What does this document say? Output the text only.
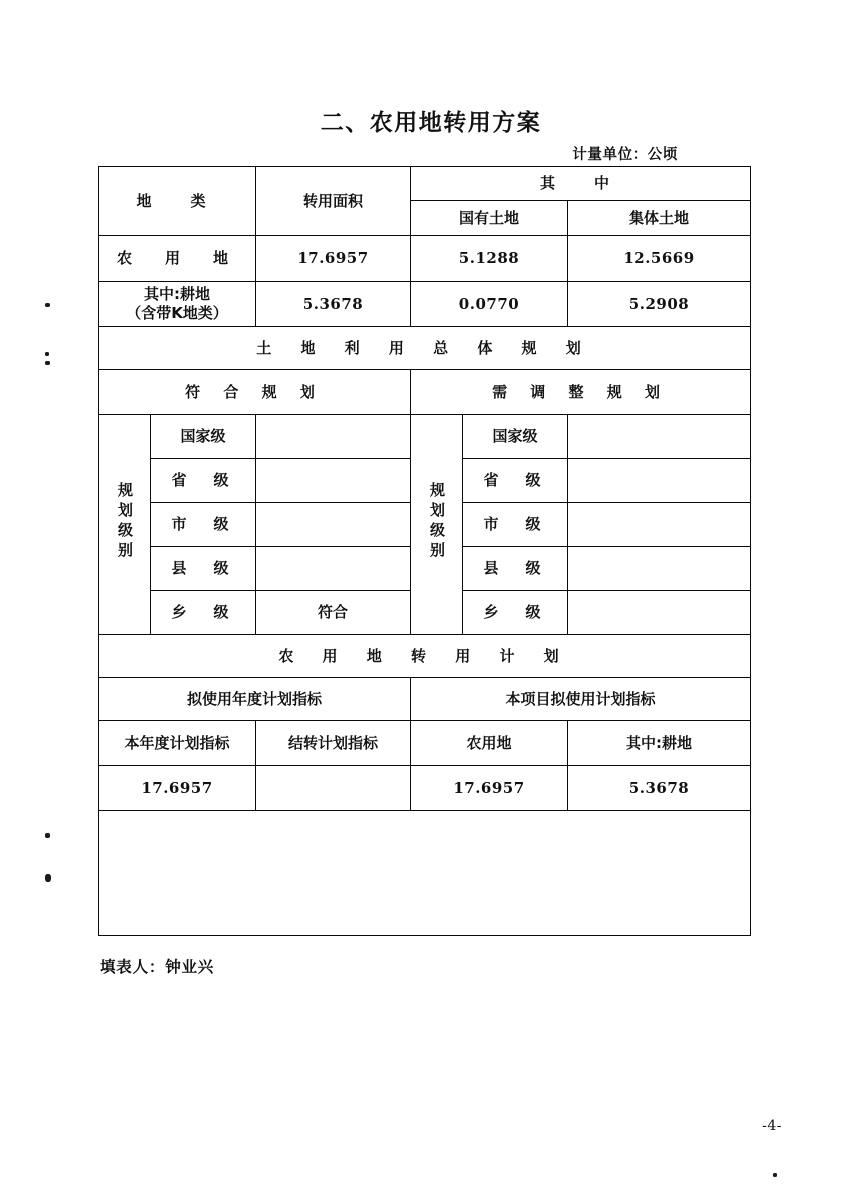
二、农用地转用方案
计量单位：公顷
地　类		转用面积	其　中		
			国有土地		集体土地
农　用　地		17.6957	5.1288		12.5669

其中:耕地
（含带K地类）		5.3678	0.0770		5.2908
土 地 利 用 总 体 规 划					
符 合 规 划			需 调 整 规 划		
规划级别	国家级		规划级别	国家级	
	省　级			省　级	
	市　级			市　级	
	县　级			县　级	
	乡　级	符合		乡　级	
农 用 地 转 用 计 划					
拟使用年度计划指标			本项目拟使用计划指标		
本年度计划指标		结转计划指标	农用地		其中:耕地
17.6957			17.6957		5.3678

填表人：钟业兴
-4-
